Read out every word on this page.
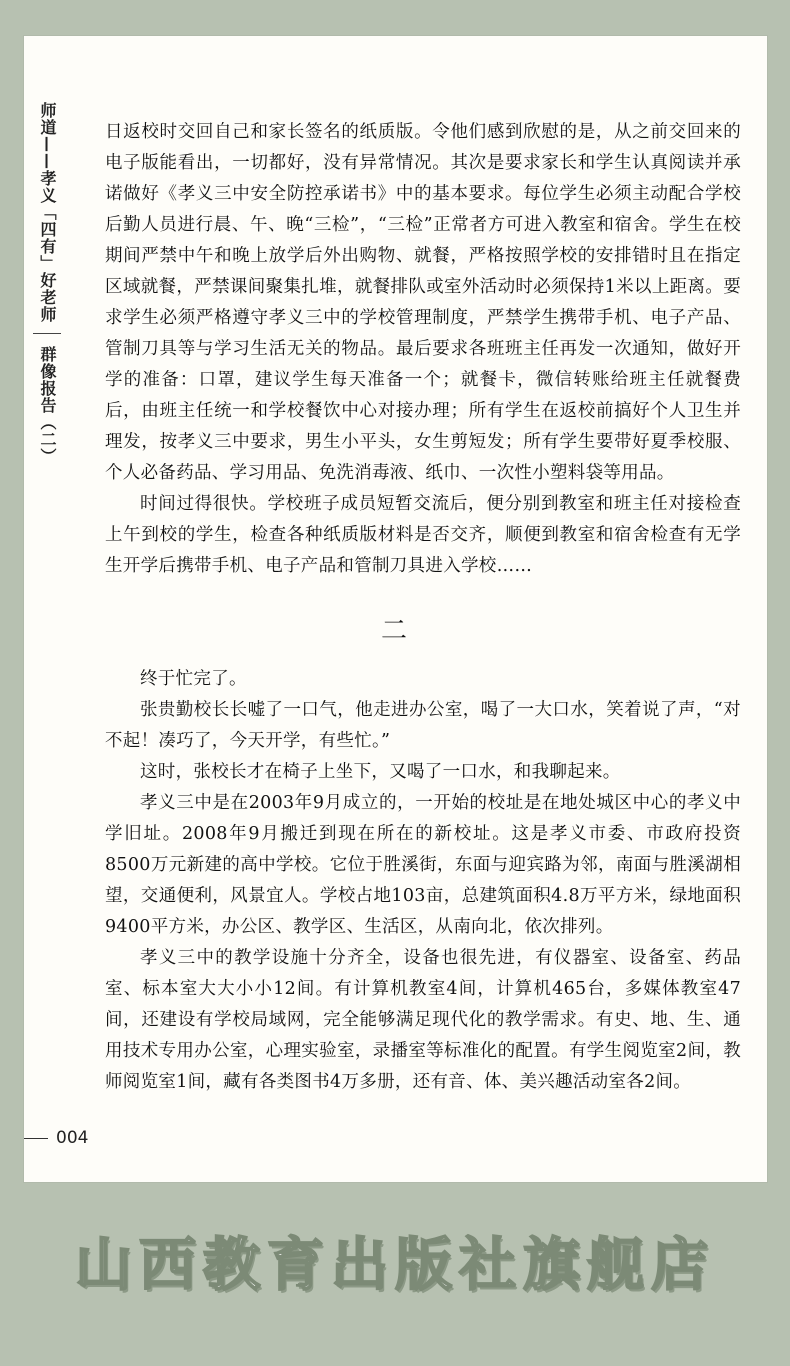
师道——孝义「四有」好老师
群像报告（二）

日返校时交回自己和家长签名的纸质版。令他们感到欣慰的是，从之前交回来的电子版能看出，一切都好，没有异常情况。其次是要求家长和学生认真阅读并承诺做好《孝义三中安全防控承诺书》中的基本要求。每位学生必须主动配合学校后勤人员进行晨、午、晚“三检”，“三检”正常者方可进入教室和宿舍。学生在校期间严禁中午和晚上放学后外出购物、就餐，严格按照学校的安排错时且在指定区域就餐，严禁课间聚集扎堆，就餐排队或室外活动时必须保持1米以上距离。要求学生必须严格遵守孝义三中的学校管理制度，严禁学生携带手机、电子产品、管制刀具等与学习生活无关的物品。最后要求各班班主任再发一次通知，做好开学的准备：口罩，建议学生每天准备一个；就餐卡，微信转账给班主任就餐费后，由班主任统一和学校餐饮中心对接办理；所有学生在返校前搞好个人卫生并理发，按孝义三中要求，男生小平头，女生剪短发；所有学生要带好夏季校服、个人必备药品、学习用品、免洗消毒液、纸巾、一次性小塑料袋等用品。

时间过得很快。学校班子成员短暂交流后，便分别到教室和班主任对接检查上午到校的学生，检查各种纸质版材料是否交齐，顺便到教室和宿舍检查有无学生开学后携带手机、电子产品和管制刀具进入学校……

二

终于忙完了。

张贵勤校长长嘘了一口气，他走进办公室，喝了一大口水，笑着说了声，“对不起！凑巧了，今天开学，有些忙。”

这时，张校长才在椅子上坐下，又喝了一口水，和我聊起来。

孝义三中是在2003年9月成立的，一开始的校址是在地处城区中心的孝义中学旧址。2008年9月搬迁到现在所在的新校址。这是孝义市委、市政府投资8500万元新建的高中学校。它位于胜溪街，东面与迎宾路为邻，南面与胜溪湖相望，交通便利，风景宜人。学校占地103亩，总建筑面积4.8万平方米，绿地面积9400平方米，办公区、教学区、生活区，从南向北，依次排列。

孝义三中的教学设施十分齐全，设备也很先进，有仪器室、设备室、药品室、标本室大大小小12间。有计算机教室4间，计算机465台，多媒体教室47间，还建设有学校局域网，完全能够满足现代化的教学需求。有史、地、生、通用技术专用办公室，心理实验室，录播室等标准化的配置。有学生阅览室2间，教师阅览室1间，藏有各类图书4万多册，还有音、体、美兴趣活动室各2间。

004
山西教育出版社旗舰店
